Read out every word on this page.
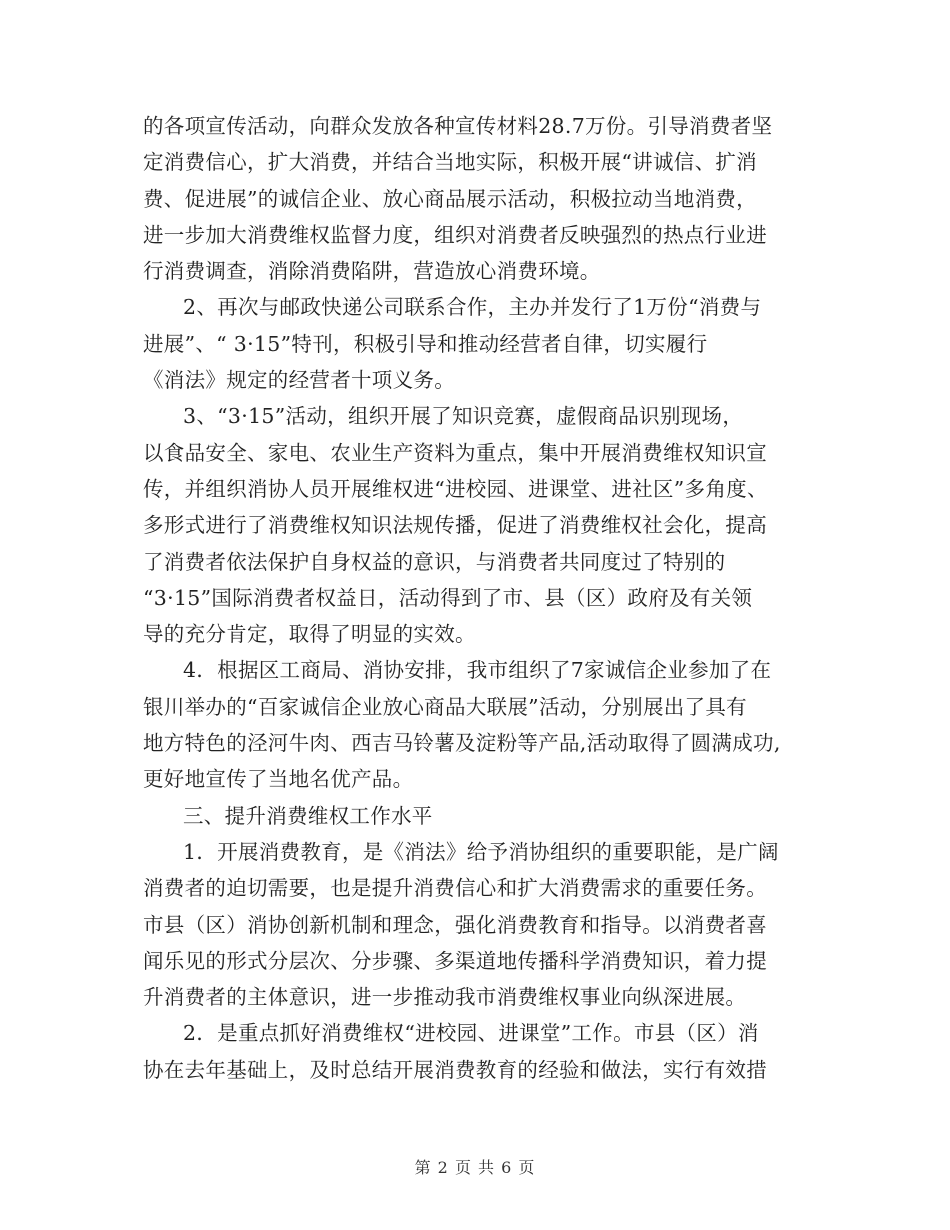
的各项宣传活动，向群众发放各种宣传材料28.7万份。引导消费者坚
定消费信心，扩大消费，并结合当地实际，积极开展“讲诚信、扩消
费、促进展”的诚信企业、放心商品展示活动，积极拉动当地消费，
进一步加大消费维权监督力度，组织对消费者反映强烈的热点行业进
行消费调查，消除消费陷阱，营造放心消费环境。

2、再次与邮政快递公司联系合作，主办并发行了1万份“消费与
进展”、“ 3·15”特刊，积极引导和推动经营者自律，切实履行
《消法》规定的经营者十项义务。

3、“3·15”活动，组织开展了知识竞赛，虚假商品识别现场，
以食品安全、家电、农业生产资料为重点，集中开展消费维权知识宣
传，并组织消协人员开展维权进“进校园、进课堂、进社区”多角度、
多形式进行了消费维权知识法规传播，促进了消费维权社会化，提高
了消费者依法保护自身权益的意识，与消费者共同度过了特别的
“3·15”国际消费者权益日，活动得到了市、县（区）政府及有关领
导的充分肯定，取得了明显的实效。

4．根据区工商局、消协安排，我市组织了7家诚信企业参加了在
银川举办的“百家诚信企业放心商品大联展”活动，分别展出了具有
地方特色的泾河牛肉、西吉马铃薯及淀粉等产品,活动取得了圆满成功,
更好地宣传了当地名优产品。

三、提升消费维权工作水平

1．开展消费教育，是《消法》给予消协组织的重要职能，是广阔
消费者的迫切需要，也是提升消费信心和扩大消费需求的重要任务。
市县（区）消协创新机制和理念，强化消费教育和指导。以消费者喜
闻乐见的形式分层次、分步骤、多渠道地传播科学消费知识，着力提
升消费者的主体意识，进一步推动我市消费维权事业向纵深进展。

2．是重点抓好消费维权“进校园、进课堂”工作。市县（区）消
协在去年基础上，及时总结开展消费教育的经验和做法，实行有效措

第 2 页 共 6 页
